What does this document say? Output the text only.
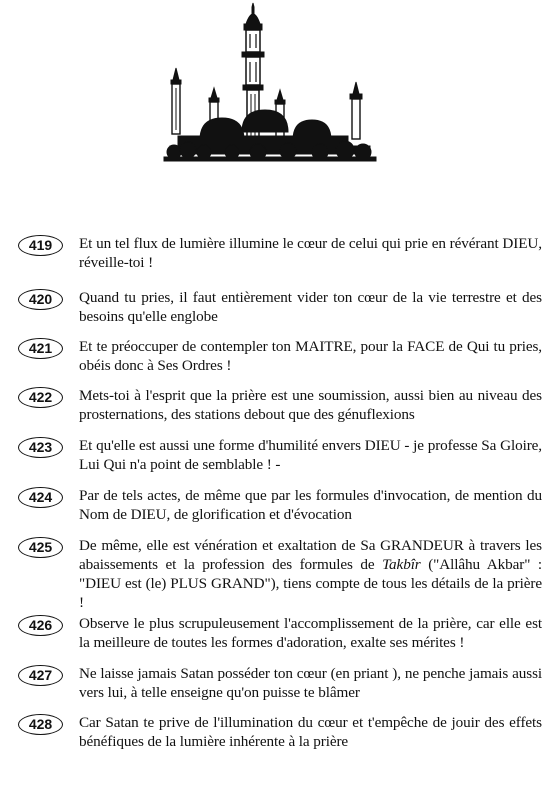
419	Et un tel flux de lumière illumine le cœur de celui qui prie en révérant DIEU, réveille-toi !
420	Quand tu pries, il faut entièrement vider ton cœur de la vie terrestre et des besoins qu'elle englobe
421	Et te préoccuper de contempler ton MAITRE, pour la FACE de Qui tu pries, obéis donc à Ses Ordres !
422	Mets-toi à l'esprit que la prière est une soumission, aussi bien au niveau des prosternations, des stations debout que des génuflexions
423	Et qu'elle est aussi une forme d'humilité envers DIEU - je professe Sa Gloire, Lui Qui n'a point de semblable ! -
424	Par de tels actes, de même que par les formules d'invocation, de mention du Nom de DIEU, de glorification et d'évocation
425	De même, elle est vénération et exaltation de Sa GRANDEUR à travers les abaissements et la profession des formules de Takbîr ("Allâhu Akbar" : "DIEU est (le) PLUS GRAND"), tiens compte de tous les détails de la prière !
426	Observe le plus scrupuleusement l'accomplissement de la prière, car elle est la meilleure de toutes les formes d'adoration, exalte ses mérites !
427	Ne laisse jamais Satan posséder ton cœur (en priant ), ne penche jamais aussi vers lui, à telle enseigne qu'on puisse te blâmer
428	Car Satan te prive de l'illumination du cœur et t'empêche de jouir des effets bénéfiques de la lumière inhérente à la prière
